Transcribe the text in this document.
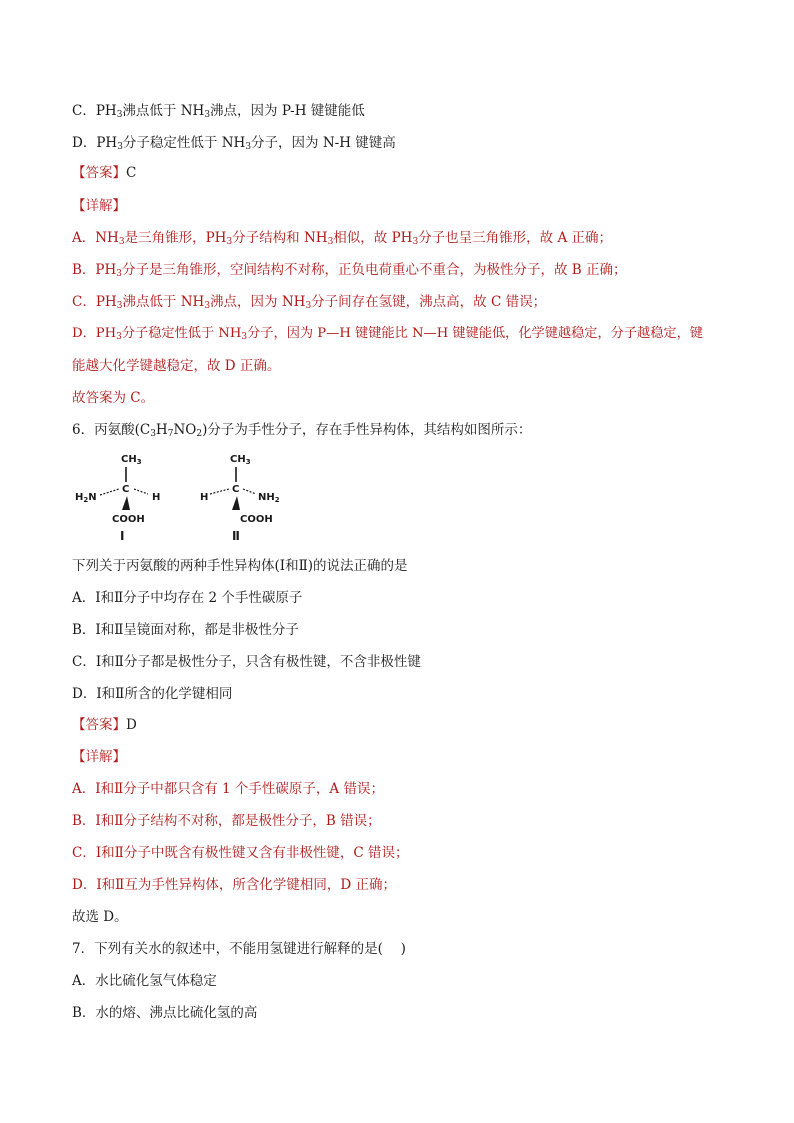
C．$PH_3$沸点低于 $NH_3$沸点，因为 P-H 键键能低
D．$PH_3$分子稳定性低于 $NH_3$分子，因为 N-H 键键高
【答案】C
【详解】
A．$NH_3$是三角锥形，$PH_3$分子结构和 $NH_3$相似，故 $PH_3$分子也呈三角锥形，故 A 正确；
B．$PH_3$分子是三角锥形，空间结构不对称，正负电荷重心不重合，为极性分子，故 B 正确；
C．$PH_3$沸点低于 $NH_3$沸点，因为 $NH_3$分子间存在氢键，沸点高，故 C 错误；
D．$PH_3$分子稳定性低于 $NH_3$分子，因为 P—H 键键能比 N—H 键键能低，化学键越稳定，分子越稳定，键
能越大化学键越稳定，故 D 正确。
故答案为 C。
6．丙氨酸$(C_3H_7NO_2)$分子为手性分子，存在手性异构体，其结构如图所示：
$CH_3$
C
$H_2N$	H
COOH
Ⅰ
$CH_3$
C
H	$NH_2$
COOH
Ⅱ
下列关于丙氨酸的两种手性异构体(Ⅰ和Ⅱ)的说法正确的是
A．Ⅰ和Ⅱ分子中均存在 2 个手性碳原子
B．Ⅰ和Ⅱ呈镜面对称，都是非极性分子
C．Ⅰ和Ⅱ分子都是极性分子，只含有极性键，不含非极性键
D．Ⅰ和Ⅱ所含的化学键相同
【答案】D
【详解】
A．Ⅰ和Ⅱ分子中都只含有 1 个手性碳原子，A 错误；
B．Ⅰ和Ⅱ分子结构不对称，都是极性分子，B 错误；
C．Ⅰ和Ⅱ分子中既含有极性键又含有非极性键，C 错误；
D．Ⅰ和Ⅱ互为手性异构体，所含化学键相同，D 正确；
故选 D。
7．下列有关水的叙述中，不能用氢键进行解释的是(　 )
A．水比硫化氢气体稳定
B．水的熔、沸点比硫化氢的高
